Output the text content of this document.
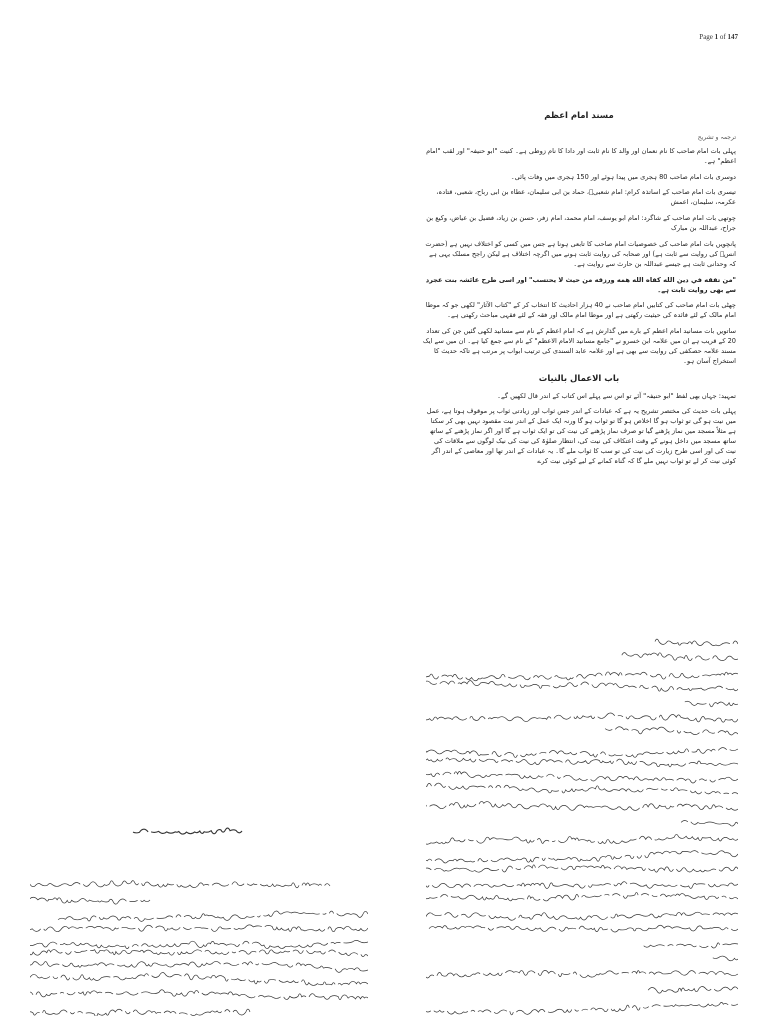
Page 1 of 147
مسند امام اعظم
ترجمہ و تشریح
پہلی بات امام صاحب کا نام نعمان اور والد کا نام ثابت اور دادا کا نام زوطی ہے۔ کنیت "ابو حنیفہ" اور لقب "امام اعظم" ہے۔
دوسری بات امام صاحب 80 ہجری میں پیدا ہوئے اور 150 ہجری میں وفات پائی۔
تیسری بات امام صاحب کے اساتذہ کرام: امام شعبیؒ، حماد بن ابی سلیمان، عطاء بن ابی رباح، شعبی، قتادہ، عکرمہ، سلیمان، اعمش
چوتھی بات امام صاحب کے شاگرد: امام ابو یوسف، امام محمد، امام زفر، حسن بن زیاد، فضیل بن عیاض، وکیع بن جراح، عبداللہ بن مبارک
پانچویں بات امام صاحب کی خصوصیات امام صاحب کا تابعی ہونا ہے جس میں کسی کو اختلاف نہیں ہے (حضرت انسؓ کی روایت سے ثابت ہے) اور صحابہ کی روایت ثابت ہونے میں اگرچہ اختلاف ہے لیکن راجح مسلک یہی ہے کہ وحدانی ثابت ہے جیسے عبداللہ بن حارث سے روایت ہے۔
"من تفقه في دين الله كفاه الله همه ورزقه من حيث لا يحتسب" اور اسی طرح عائشہ بنت عجرد سے بھی روایت ثابت ہے۔
چھٹی بات امام صاحب کی کتابیں امام صاحب نے 40 ہزار احادیث کا انتخاب کر کے "کتاب الآثار" لکھی جو کہ موطا امام مالک کے لئے فائدہ کی حیثیت رکھتی ہے اور موطا امام مالک اور فقہ کے لئے فقہی مباحث رکھتی ہے۔
ساتویں بات مسانید امام اعظم کے بارے میں گذارش ہے کہ امام اعظم کے نام سے مسانید لکھی گئیں جن کی تعداد 20 کے قریب ہے ان میں علامہ ابن خسرو نے "جامع مسانید الامام الاعظم" کے نام سے جمع کیا ہے۔ ان میں سے ایک مسند علامہ حصکفی کی روایت سے بھی ہے اور علامہ عابد السندی کی ترتیب ابواب پر مرتب ہے تاکہ حدیث کا استخراج آسان ہو۔
باب الاعمال بالنیات
تمہید: جہاں بھی لفظ "ابو حنیفہ" آئے تو اس سے پہلے اس کتاب کے اندر قال لکھیں گے۔
پہلی بات حدیث کی مختصر تشریح یہ ہے کہ عبادات کے اندر جس ثواب اور زیادتی ثواب پر موقوف ہوتا ہے، عمل میں نیت ہو گی تو ثواب ہو گا اخلاص ہو گا تو ثواب ہو گا ورنہ ایک عمل کے اندر نیت مقصود نہیں بھی کر سکتا ہے مثلاً مسجد میں نماز پڑھنے گیا تو صرف نماز پڑھنے کی نیت کی تو ایک ثواب ہے گا اور اگر نماز پڑھنے کے ساتھ ساتھ مسجد میں داخل ہونے کے وقت اعتکاف کی نیت کی، انتظار صلوٰۃ کی نیت کی نیک لوگوں سے ملاقات کی نیت کی اور اسی طرح زیارت کی نیت کی تو سب کا ثواب ملے گا۔ یہ عبادات کے اندر تھا اور معاصی کے اندر اگر کوئی نیت کر لے تو ثواب نہیں ملے گا کہ گناہ کمانے کے لیے کوئی نیت کرے
